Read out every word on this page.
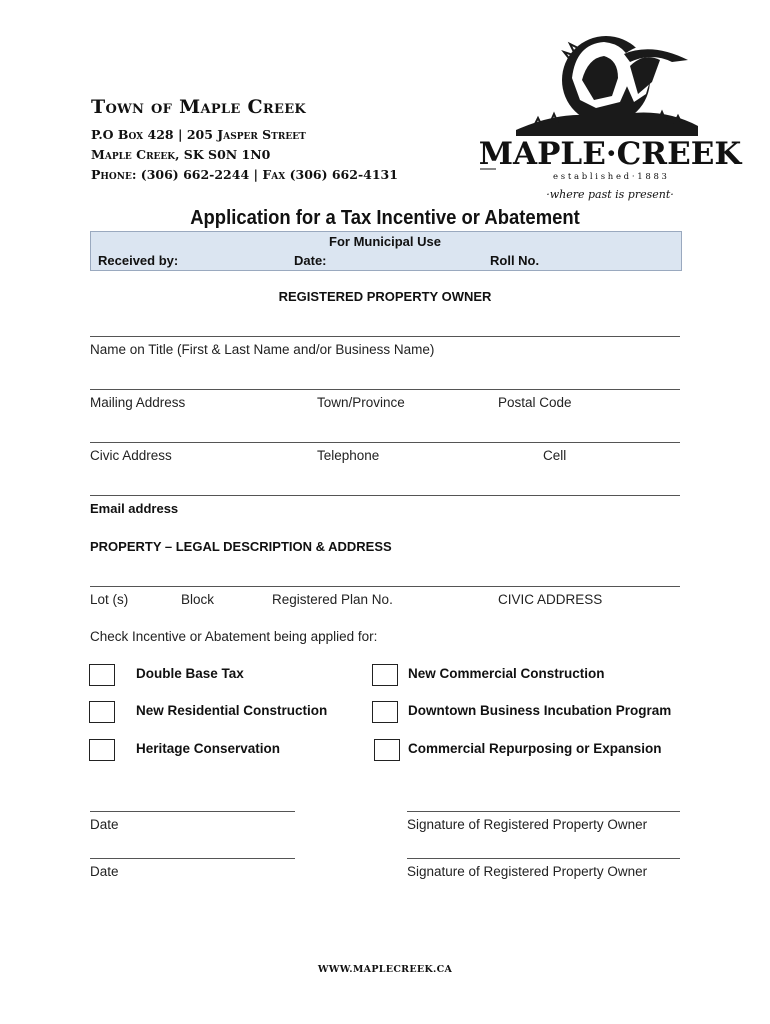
Town of Maple Creek
P.O Box 428 | 205 Jasper Street
Maple Creek, SK S0N 1N0
Phone: (306) 662-2244 | Fax (306) 662-4131
MAPLE·CREEK
e s t a b l i s h e d · 1 8 8 3
·where past is present·
Application for a Tax Incentive or Abatement
For Municipal Use
Received by:	Date:	Roll No.
REGISTERED PROPERTY OWNER
Name on Title (First & Last Name and/or Business Name)
Mailing Address	Town/Province	Postal Code
Civic Address	Telephone	Cell
Email address
PROPERTY – LEGAL DESCRIPTION & ADDRESS
Lot (s)	Block	Registered Plan No.	CIVIC ADDRESS
Check Incentive or Abatement being applied for:
Double Base Tax	New Commercial Construction
New Residential Construction	Downtown Business Incubation Program
Heritage Conservation	Commercial Repurposing or Expansion
Date	Signature of Registered Property Owner
Date	Signature of Registered Property Owner
WWW.MAPLECREEK.CA
